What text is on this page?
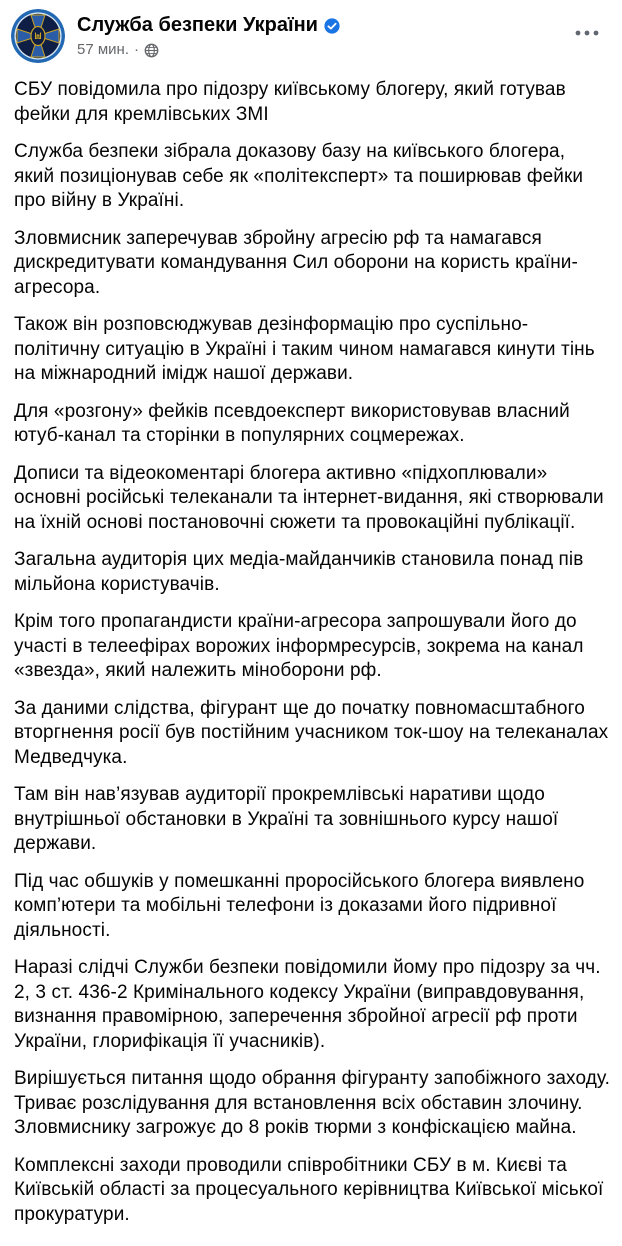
Служба безпеки України
57 мин. ·

СБУ повідомила про підозру київському блогеру, який готував фейки для кремлівських ЗМІ

Служба безпеки зібрала доказову базу на київського блогера, який позиціонував себе як «політексперт» та поширював фейки про війну в Україні.

Зловмисник заперечував збройну агресію рф та намагався дискредитувати командування Сил оборони на користь країни-агресора.

Також він розповсюджував дезінформацію про суспільно-політичну ситуацію в Україні і таким чином намагався кинути тінь на міжнародний імідж нашої держави.

Для «розгону» фейків псевдоексперт використовував власний ютуб-канал та сторінки в популярних соцмережах.

Дописи та відеокоментарі блогера активно «підхоплювали» основні російські телеканали та інтернет-видання, які створювали на їхній основі постановочні сюжети та провокаційні публікації.

Загальна аудиторія цих медіа-майданчиків становила понад пів мільйона користувачів.

Крім того пропагандисти країни-агресора запрошували його до участі в телеефірах ворожих інформресурсів, зокрема на канал «звезда», який належить міноборони рф.

За даними слідства, фігурант ще до початку повномасштабного вторгнення росії був постійним учасником ток-шоу на телеканалах Медведчука.

Там він нав’язував аудиторії прокремлівські наративи щодо внутрішньої обстановки в Україні та зовнішнього курсу нашої держави.

Під час обшуків у помешканні проросійського блогера виявлено комп’ютери та мобільні телефони із доказами його підривної діяльності.

Наразі слідчі Служби безпеки повідомили йому про підозру за чч. 2, 3 ст. 436-2 Кримінального кодексу України (виправдовування, визнання правомірною, заперечення збройної агресії рф проти України, глорифікація її учасників).

Вирішується питання щодо обрання фігуранту запобіжного заходу. Триває розслідування для встановлення всіх обставин злочину. Зловмиснику загрожує до 8 років тюрми з конфіскацією майна.

Комплексні заходи проводили співробітники СБУ в м. Києві та Київській області за процесуального керівництва Київської міської прокуратури.
